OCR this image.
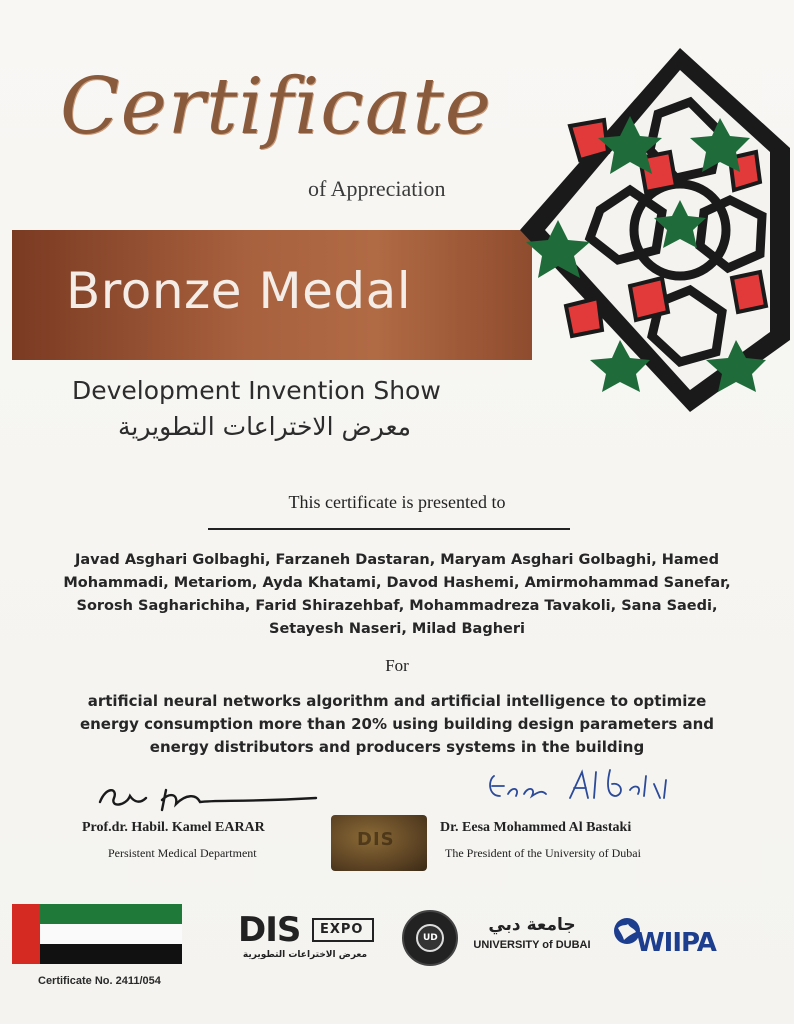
Certificate
of Appreciation
Bronze Medal
Development Invention Show
معرض الاختراعات التطويرية
This certificate is presented to
Javad Asghari Golbaghi, Farzaneh Dastaran, Maryam Asghari Golbaghi, Hamed Mohammadi, Metariom, Ayda Khatami, Davod Hashemi, Amirmohammad Sanefar, Sorosh Sagharichiha, Farid Shirazehbaf, Mohammadreza Tavakoli, Sana Saedi, Setayesh Naseri, Milad Bagheri
For
artificial neural networks algorithm and artificial intelligence to optimize energy consumption more than 20% using building design parameters and energy distributors and producers systems in the building
Prof.dr. Habil. Kamel EARAR
Persistent Medical Department
DIS
Dr. Eesa Mohammed Al Bastaki
The President of the University of Dubai
Certificate No. 2411/054
DIS EXPO
معرض الاختراعات التطويرية
UD
جامعة دبي
UNIVERSITY of DUBAI WIIPA
